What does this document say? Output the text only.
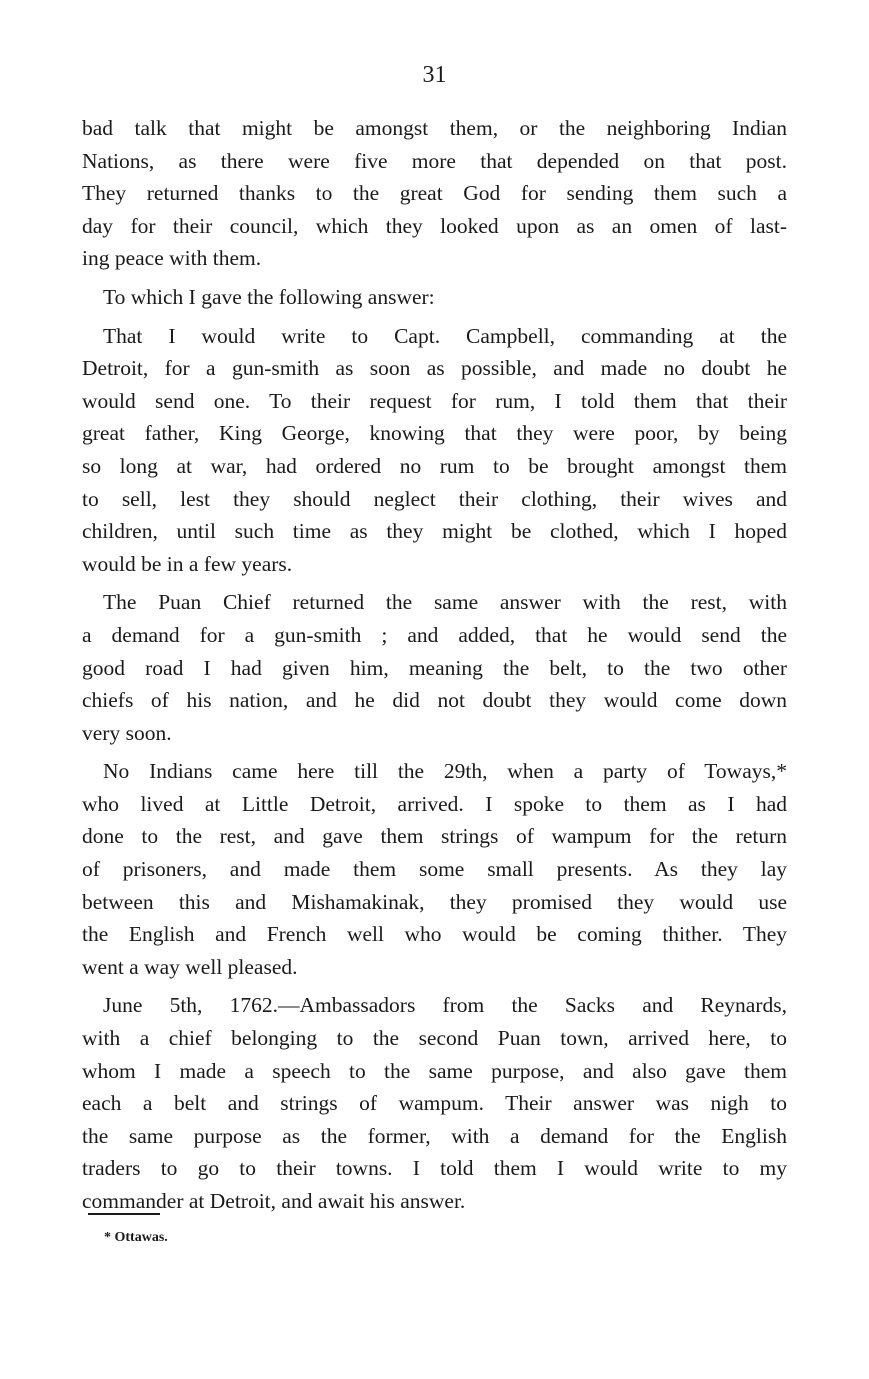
31
bad talk that might be amongst them, or the neighboring Indian
Nations, as there were five more that depended on that post.
They returned thanks to the great God for sending them such a
day for their council, which they looked upon as an omen of last-
ing peace with them.
To which I gave the following answer:
That I would write to Capt. Campbell, commanding at the
Detroit, for a gun-smith as soon as possible, and made no doubt he
would send one. To their request for rum, I told them that their
great father, King George, knowing that they were poor, by being
so long at war, had ordered no rum to be brought amongst them
to sell, lest they should neglect their clothing, their wives and
children, until such time as they might be clothed, which I hoped
would be in a few years.
The Puan Chief returned the same answer with the rest, with
a demand for a gun-smith ; and added, that he would send the
good road I had given him, meaning the belt, to the two other
chiefs of his nation, and he did not doubt they would come down
very soon.
No Indians came here till the 29th, when a party of Toways,*
who lived at Little Detroit, arrived. I spoke to them as I had
done to the rest, and gave them strings of wampum for the return
of prisoners, and made them some small presents. As they lay
between this and Mishamakinak, they promised they would use
the English and French well who would be coming thither. They
went a way well pleased.
June 5th, 1762.—Ambassadors from the Sacks and Reynards,
with a chief belonging to the second Puan town, arrived here, to
whom I made a speech to the same purpose, and also gave them
each a belt and strings of wampum. Their answer was nigh to
the same purpose as the former, with a demand for the English
traders to go to their towns. I told them I would write to my
commander at Detroit, and await his answer.
* Ottawas.
